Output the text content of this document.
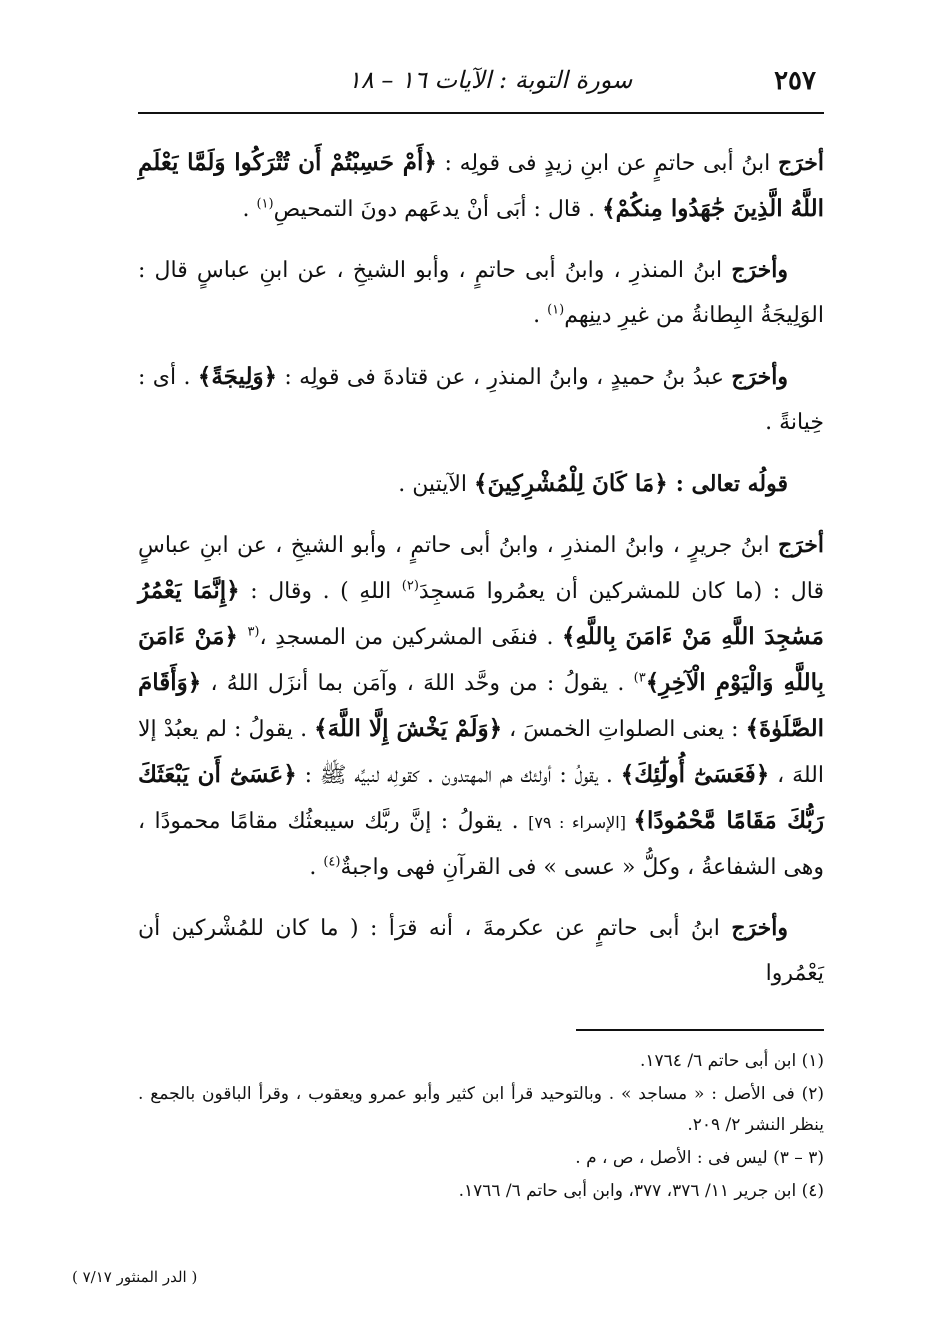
٢٥٧
سورة التوبة : الآيات ١٦ – ١٨

أخرَج ابنُ أبى حاتمٍ عن ابنِ زيدٍ فى قولِه : ﴿أَمْ حَسِبْتُمْ أَن تُتْرَكُوا وَلَمَّا يَعْلَمِ اللَّهُ الَّذِينَ جَٰهَدُوا مِنكُمْ﴾ . قال : أبَى أنْ يدعَهم دونَ التمحيصِ$^{(١)}$ .

وأخرَج ابنُ المنذرِ ، وابنُ أبى حاتمٍ ، وأبو الشيخِ ، عن ابنِ عباسٍ قال : الوَلِيجَةُ البِطانةُ من غيرِ دينِهم$^{(١)}$ .

وأخرَج عبدُ بنُ حميدٍ ، وابنُ المنذرِ ، عن قتادةَ فى قولِه : ﴿وَلِيجَةً﴾ . أى : خِيانةً .

قولُه تعالى : ﴿مَا كَانَ لِلْمُشْرِكِينَ﴾ الآيتين .

أخرَج ابنُ جريرٍ ، وابنُ المنذرِ ، وابنُ أبى حاتمٍ ، وأبو الشيخِ ، عن ابنِ عباسٍ قال : (ما كان للمشركين أن يعمُروا مَسجِدَ$^{(٢)}$ اللهِ ) . وقال : ﴿إِنَّمَا يَعْمُرُ مَسَٰجِدَ اللَّهِ مَنْ ءَامَنَ بِاللَّهِ﴾ . فنفَى المشركين من المسجدِ ،$^{(٣}$ ﴿مَنْ ءَامَنَ بِاللَّهِ وَالْيَوْمِ الْآخِرِ﴾$^{٣)}$ . يقولُ : من وحَّد اللهَ ، وآمَن بما أنزَل اللهُ ، ﴿وَأَقَامَ الصَّلَوٰةَ﴾ : يعنى الصلواتِ الخمسَ ، ﴿وَلَمْ يَخْشَ إِلَّا اللَّهَ﴾ . يقولُ : لم يعبُدْ إلا اللهَ ، ﴿فَعَسَىٰٓ أُولَٰٓئِكَ﴾ . يقولُ : أولئك هم المهتدون . كقولِه لنبيِّه ﷺ : ﴿عَسَىٰٓ أَن يَبْعَثَكَ رَبُّكَ مَقَامًا مَّحْمُودًا﴾ [الإسراء : ٧٩] . يقولُ : إنَّ ربَّك سيبعثُك مقامًا محمودًا ، وهى الشفاعةُ ، وكلُّ « عسى » فى القرآنِ فهى واجبةٌ$^{(٤)}$ .

وأخرَج ابنُ أبى حاتمٍ عن عكرمةَ ، أنه قرَأ : ( ما كان للمُشْركين أن يَعْمُروا

(١) ابن أبى حاتم ٦/ ١٧٦٤.

(٢) فى الأصل : « مساجد » . وبالتوحيد قرأ ابن كثير وأبو عمرو ويعقوب ، وقرأ الباقون بالجمع . ينظر النشر ٢/ ٢٠٩.

(٣ – ٣) ليس فى : الأصل ، ص ، م .

(٤) ابن جرير ١١/ ٣٧٦، ٣٧٧، وابن أبى حاتم ٦/ ١٧٦٦.

( الدر المنثور ٧/١٧ )
